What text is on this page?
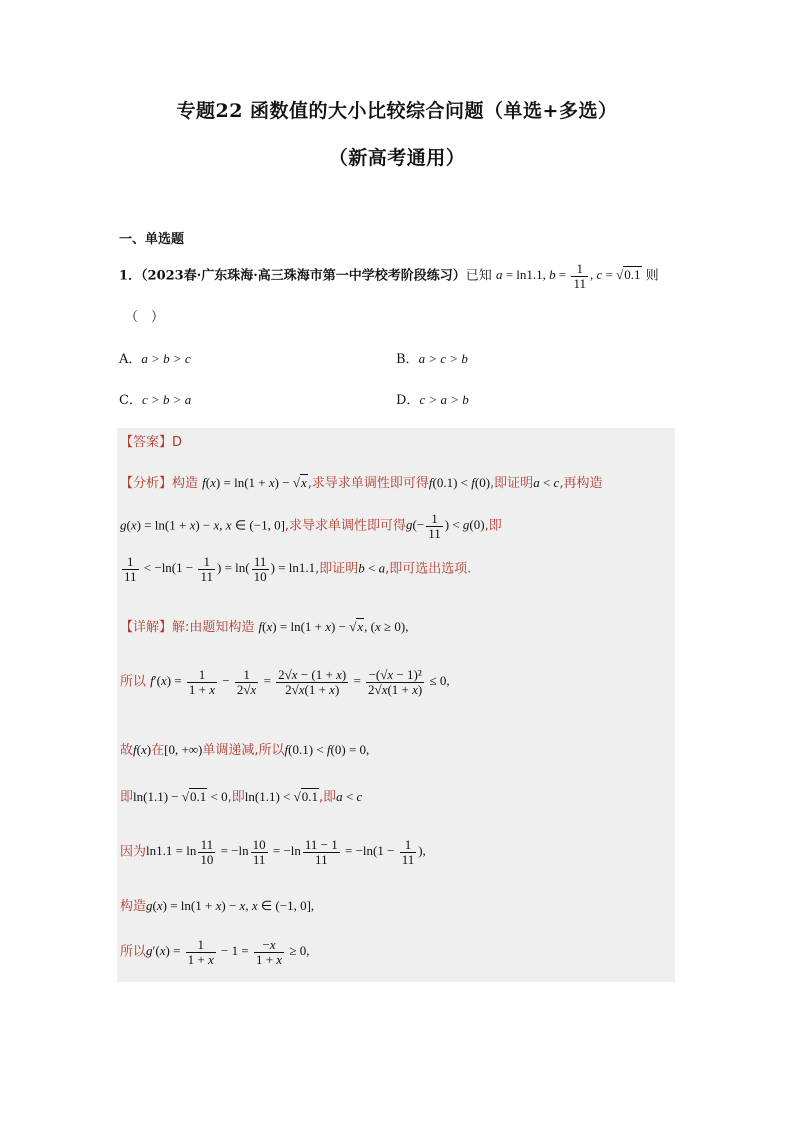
专题22 函数值的大小比较综合问题（单选+多选）
（新高考通用）
一、单选题
1．（2023春·广东珠海·高三珠海市第一中学校考阶段练习）已知 a = ln1.1, $b = \frac{1}{11}$ , c = √ 0.1 则
（　）
A．a > b > c	B．a > c > b
C．c > b > a	D．c > a > b
【答案】D
【分析】构造 f(x) = ln(1 + x) − √ x,求导求单调性即可得f(0.1) < f(0),即证明a < c,再构造
g(x) = ln(1 + x) − x, x ∈ (−1, 0],求导求单调性即可得$g(- \frac{1}{11}$ ) < g(0),即
$\frac{1}{11} < -\ln(1 - \frac{1}{11}$ ) = $\ln( \frac{11}{10}$ ) = ln1.1,即证明b < a,即可选出选项.
【详解】解:由题知构造 f(x) = ln(1 + x) − √ x, (x ≥ 0),
所以 $f'(x) = \frac{1}{1 + x} - \frac{1}{2√x} = \frac{2√x - (1 + x)}{2√x(1 + x)} = \frac{\text{−(√x − 1)²}}{2√x(1 + x)} \le 0$,
故f(x)在[0, +∞)单调递减,所以f(0.1) < f(0) = 0,
即ln(1.1) − √ 0.1 < 0,即ln(1.1) < √ 0.1,即a < c
因为$\ln 1.1 = \ln \frac{11}{10} = -\ln \frac{10}{11} = -\ln \frac{11 - 1}{11} = -\ln(1 - \frac{1}{11}$ ),
构造g(x) = ln(1 + x) − x, x ∈ (−1, 0],
所以$g'(x) = \frac{1}{1 + x} - 1 = \frac{-x}{1 + x} \ge 0$,
